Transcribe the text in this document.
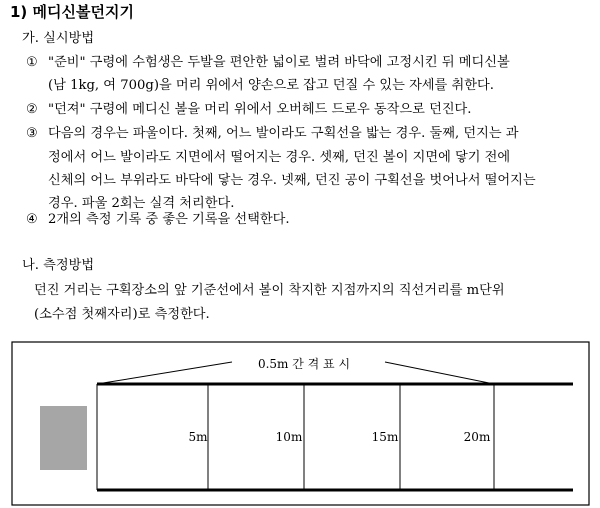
1) 메디신볼던지기
가. 실시방법
① "준비" 구령에 수험생은 두발을 편안한 넓이로 벌려 바닥에 고정시킨 뒤 메디신볼
(남 1kg, 여 700g)을 머리 위에서 양손으로 잡고 던질 수 있는 자세를 취한다.
② "던져" 구령에 메디신 볼을 머리 위에서 오버헤드 드로우 동작으로 던진다.
③ 다음의 경우는 파울이다. 첫째, 어느 발이라도 구획선을 밟는 경우. 둘째, 던지는 과
정에서 어느 발이라도 지면에서 떨어지는 경우. 셋째, 던진 볼이 지면에 닿기 전에
신체의 어느 부위라도 바닥에 닿는 경우. 넷째, 던진 공이 구획선을 벗어나서 떨어지는
경우. 파울 2회는 실격 처리한다.
④ 2개의 측정 기록 중 좋은 기록을 선택한다.
나. 측정방법
던진 거리는 구획장소의 앞 기준선에서 볼이 착지한 지점까지의 직선거리를 m단위
(소수점 첫째자리)로 측정한다.
0.5m 간 격 표 시
5m	10m	15m	20m
